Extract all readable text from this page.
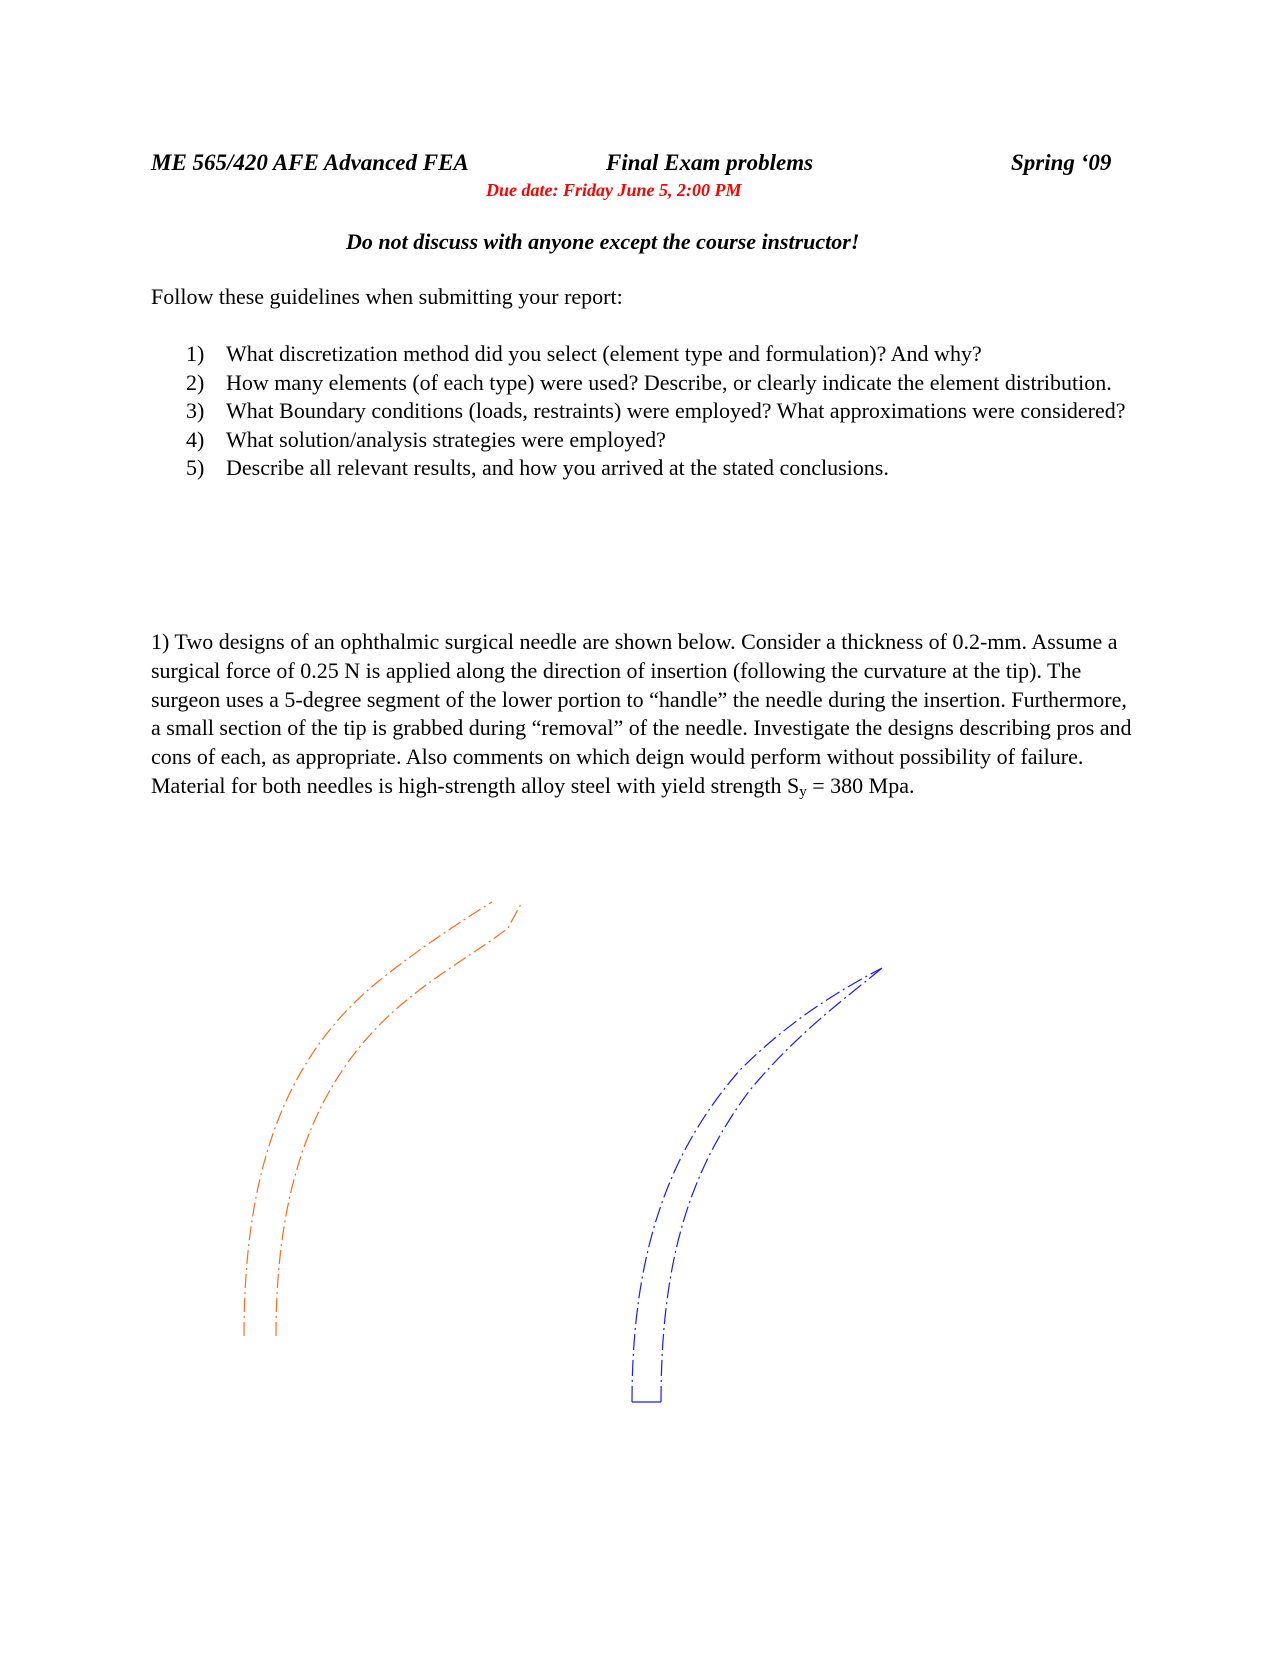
ME 565/420 AFE Advanced FEA	Final Exam problems	Spring ‘09
Due date: Friday June 5, 2:00 PM
Do not discuss with anyone except the course instructor!
Follow these guidelines when submitting your report:
1) What discretization method did you select (element type and formulation)? And why?
2) How many elements (of each type) were used? Describe, or clearly indicate the element distribution.
3) What Boundary conditions (loads, restraints) were employed? What approximations were considered?
4) What solution/analysis strategies were employed?
5) Describe all relevant results, and how you arrived at the stated conclusions.

1) Two designs of an ophthalmic surgical needle are shown below. Consider a thickness of 0.2-mm. Assume a surgical force of 0.25 N is applied along the direction of insertion (following the curvature at the tip). The surgeon uses a 5-degree segment of the lower portion to “handle” the needle during the insertion. Furthermore, a small section of the tip is grabbed during “removal” of the needle. Investigate the designs describing pros and cons of each, as appropriate. Also comments on which deign would perform without possibility of failure. Material for both needles is high-strength alloy steel with yield strength $S_y = 380$ Mpa.
